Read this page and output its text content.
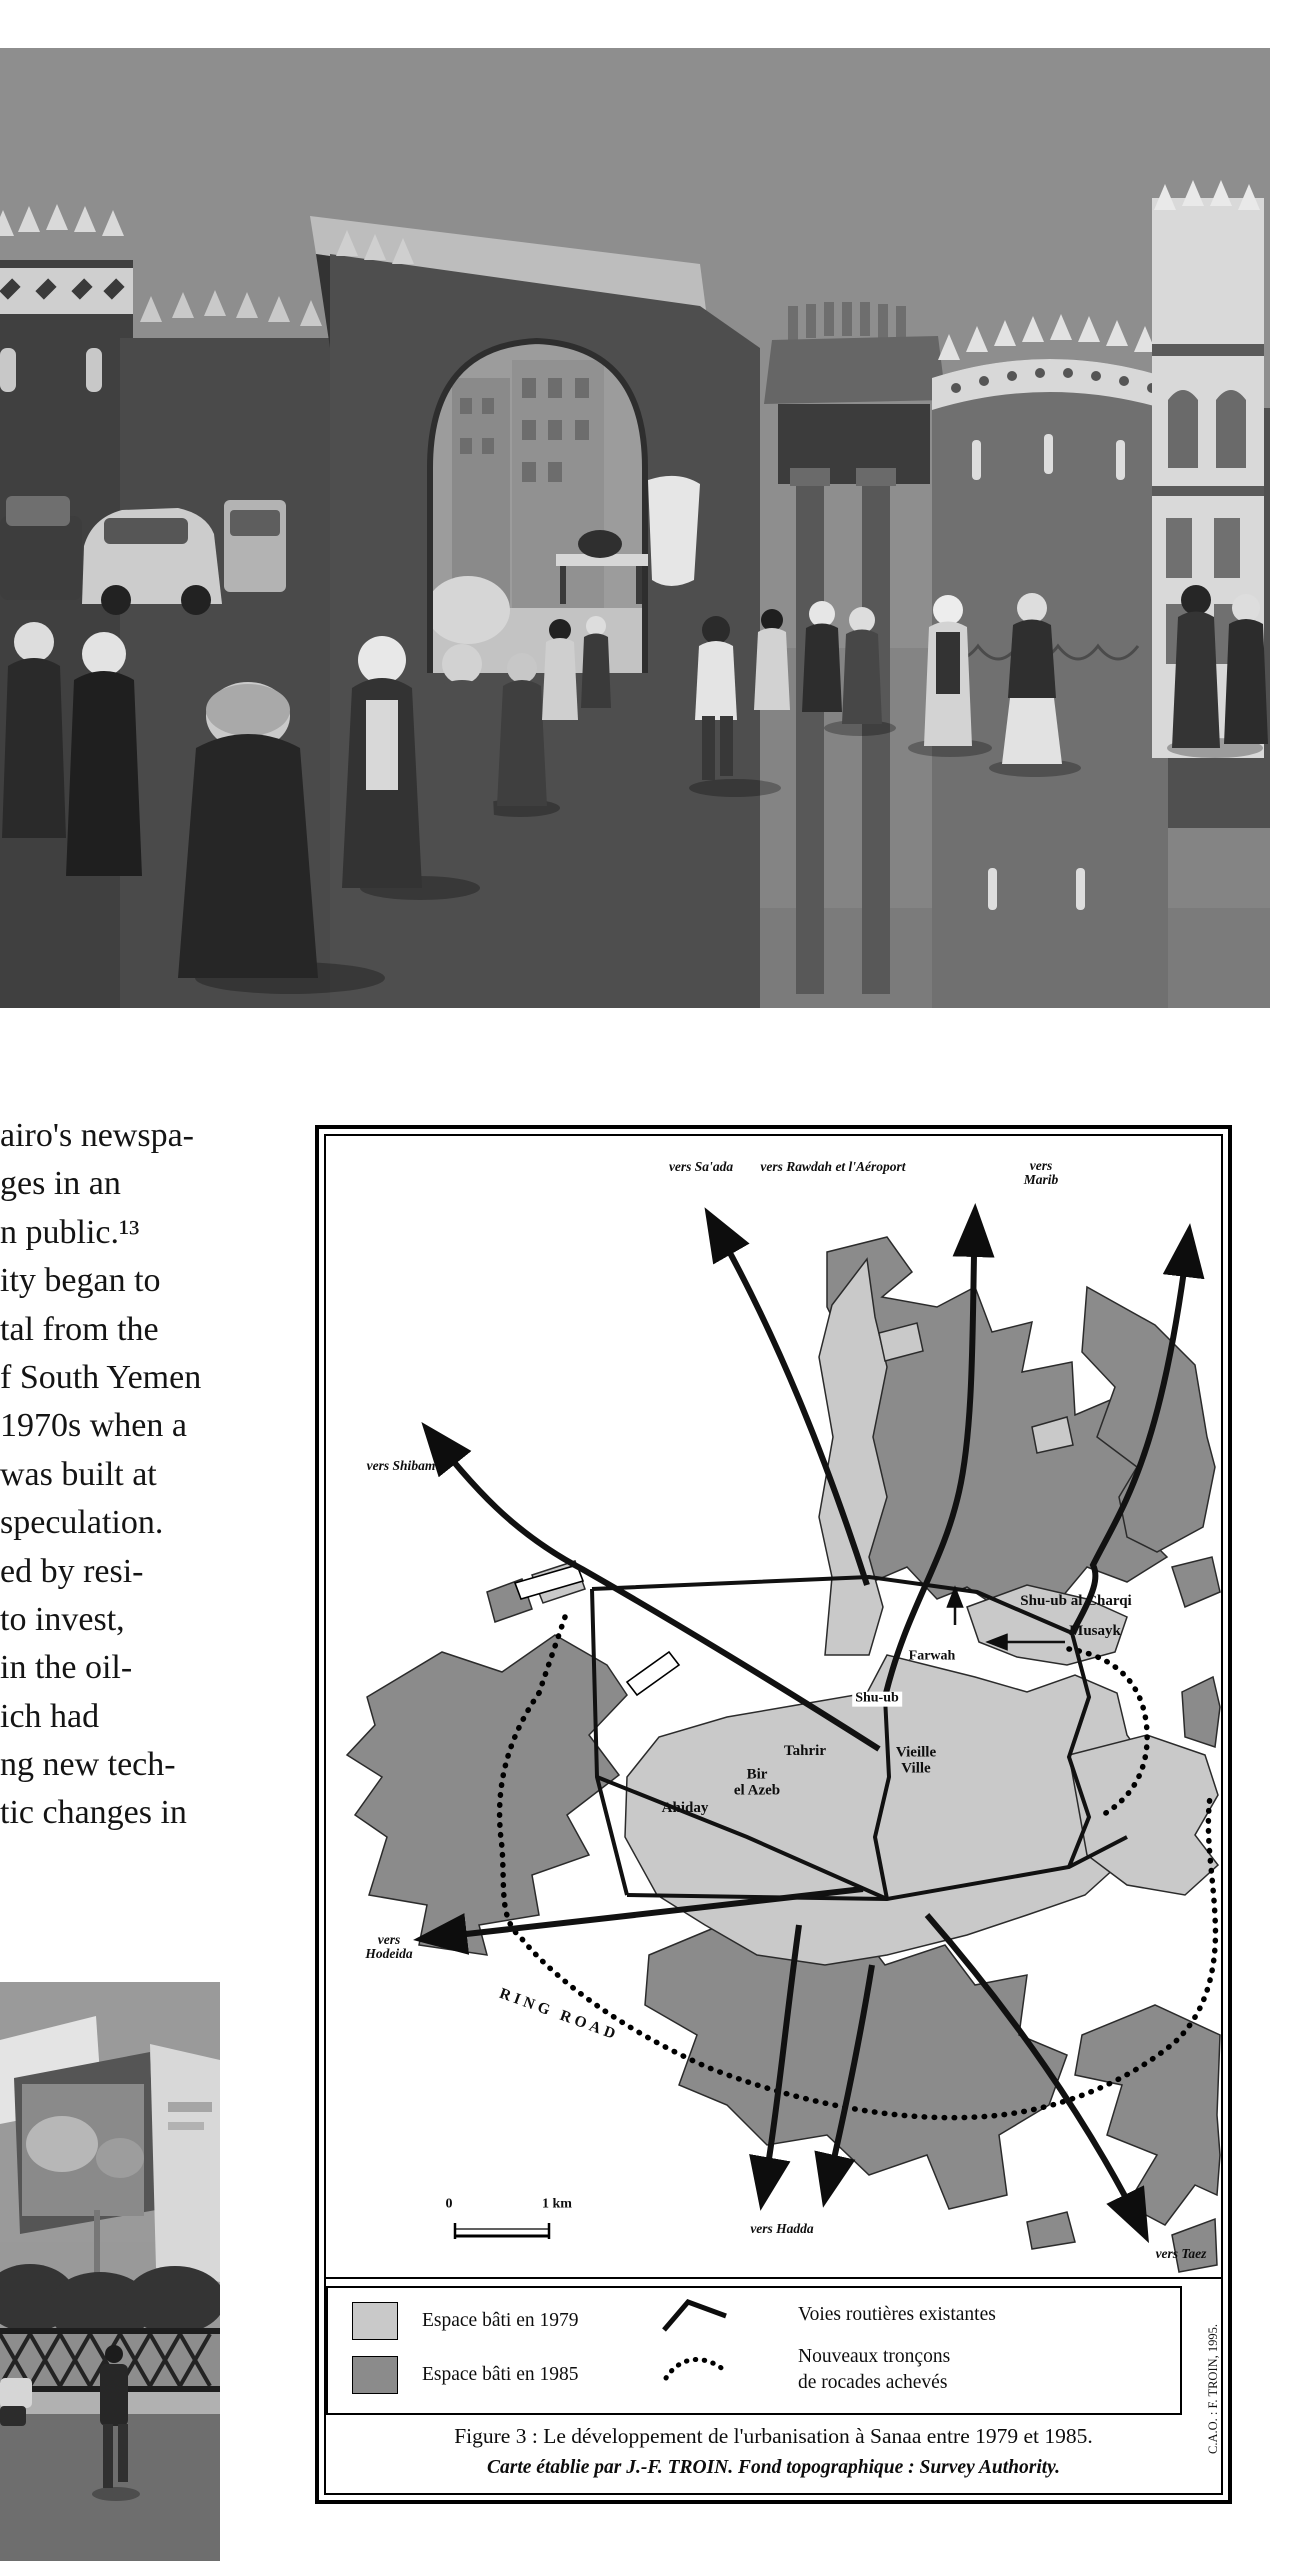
airo's newspa-
ges in an
n public.¹³
ity began to
tal from the
f South Yemen
1970s when a
was built at
speculation.
ed by resi-
to invest,
in the oil-
ich had
ng new tech-
tic changes in
vers Sa'ada vers Rawdah et l'Aéroport	vers
Marib
vers Shibam
Shu-ub al Charqi
Musayk
Farwah
Shu-ub
Tahrir
Bir
el Azeb
Vieille
Ville
Ahiday
vers
Hodeida
RING ROAD
0	1 km
vers Hadda
vers Taez
Espace bâti en 1979
Espace bâti en 1985
Voies routières existantes
Nouveaux tronçons
de rocades achevés
Figure 3 : Le développement de l'urbanisation à Sanaa entre 1979 et 1985.
Carte établie par J.-F. TROIN. Fond topographique : Survey Authority.
C.A.O. : F. TROIN, 1995.
